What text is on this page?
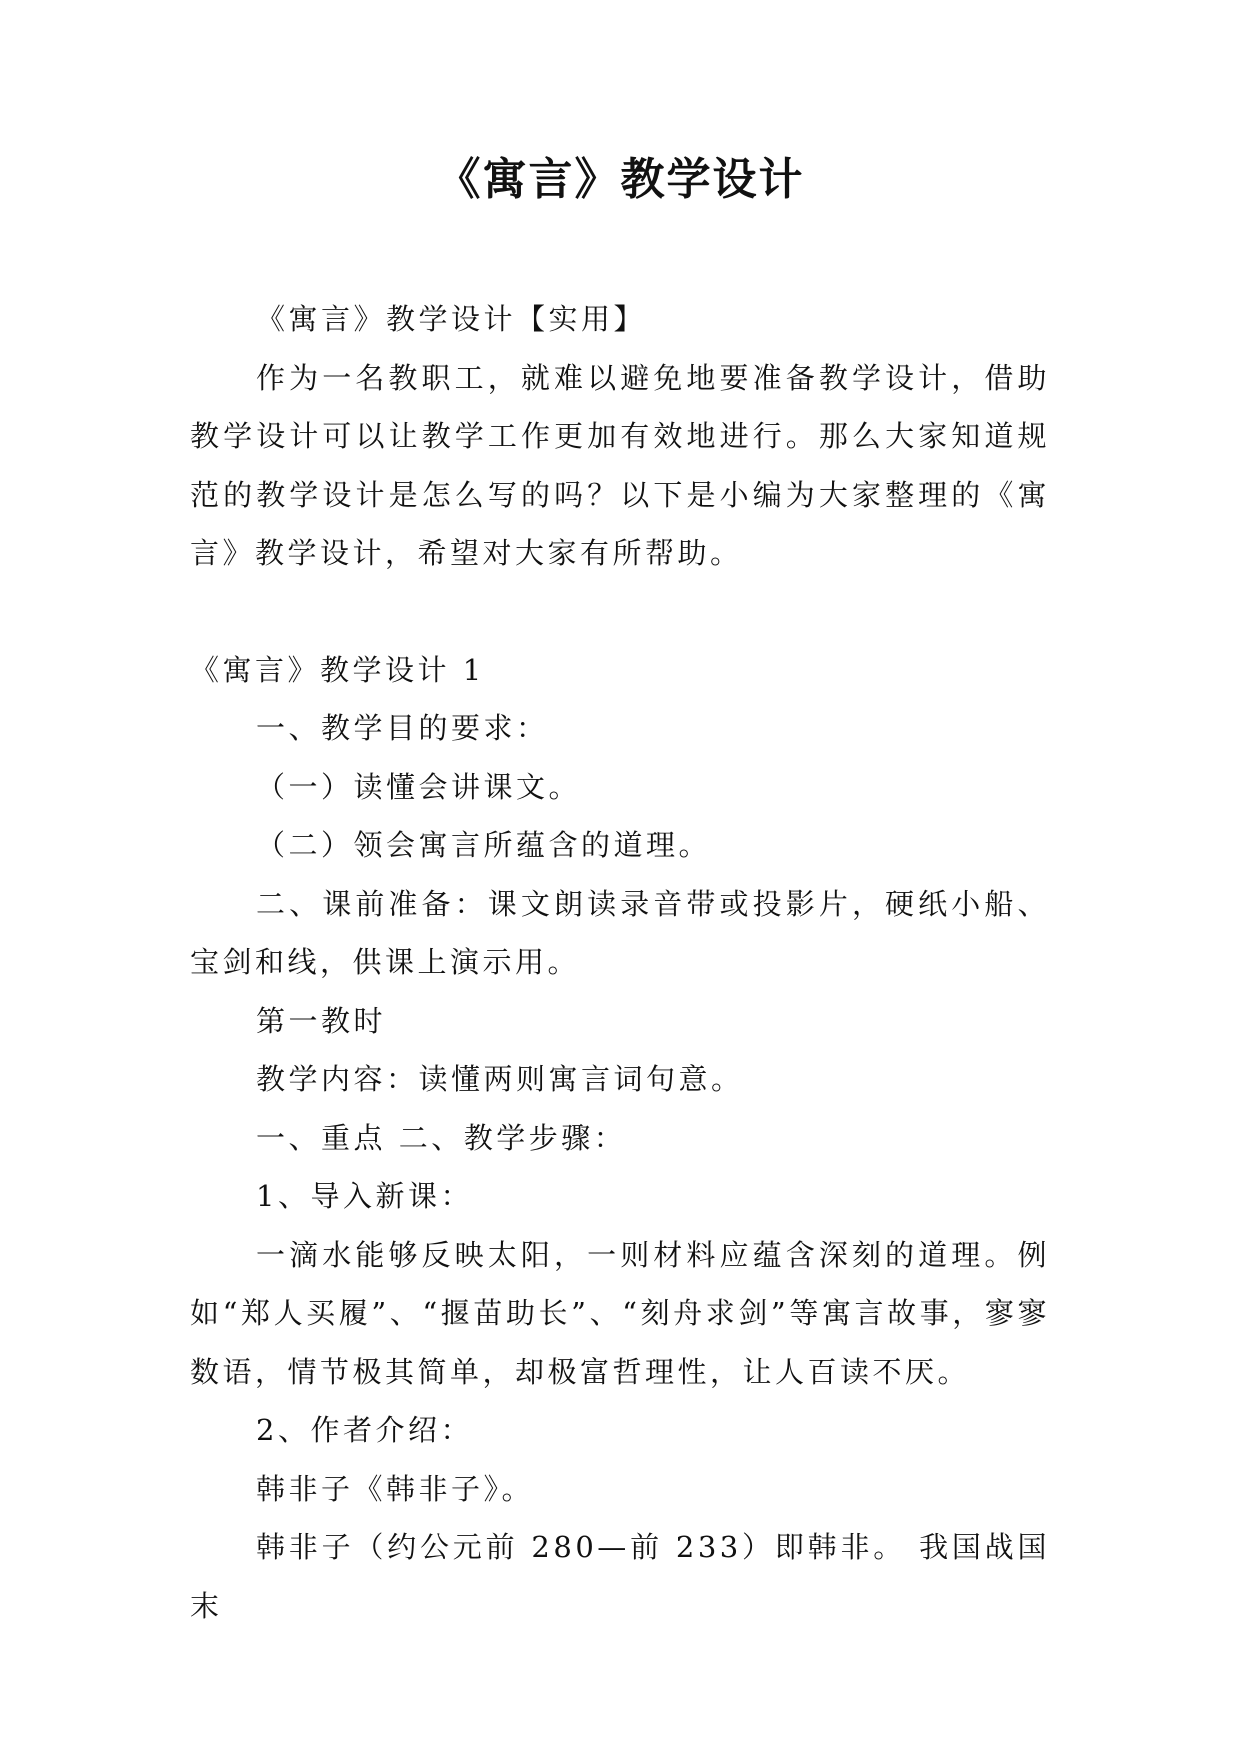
《寓言》教学设计

《寓言》教学设计【实用】

作为一名教职工，就难以避免地要准备教学设计，借助教学设计可以让教学工作更加有效地进行。那么大家知道规范的教学设计是怎么写的吗？以下是小编为大家整理的《寓言》教学设计，希望对大家有所帮助。

《寓言》教学设计 1

一、教学目的要求：

（一）读懂会讲课文。

（二）领会寓言所蕴含的道理。

二、课前准备：课文朗读录音带或投影片，硬纸小船、宝剑和线，供课上演示用。

第一教时

教学内容：读懂两则寓言词句意。

一、重点 二、教学步骤：

1、导入新课：

一滴水能够反映太阳，一则材料应蕴含深刻的道理。例如“郑人买履”、“揠苗助长”、“刻舟求剑”等寓言故事，寥寥数语，情节极其简单，却极富哲理性，让人百读不厌。

2、作者介绍：

韩非子《韩非子》。

韩非子（约公元前 280—前 233）即韩非。 我国战国末
